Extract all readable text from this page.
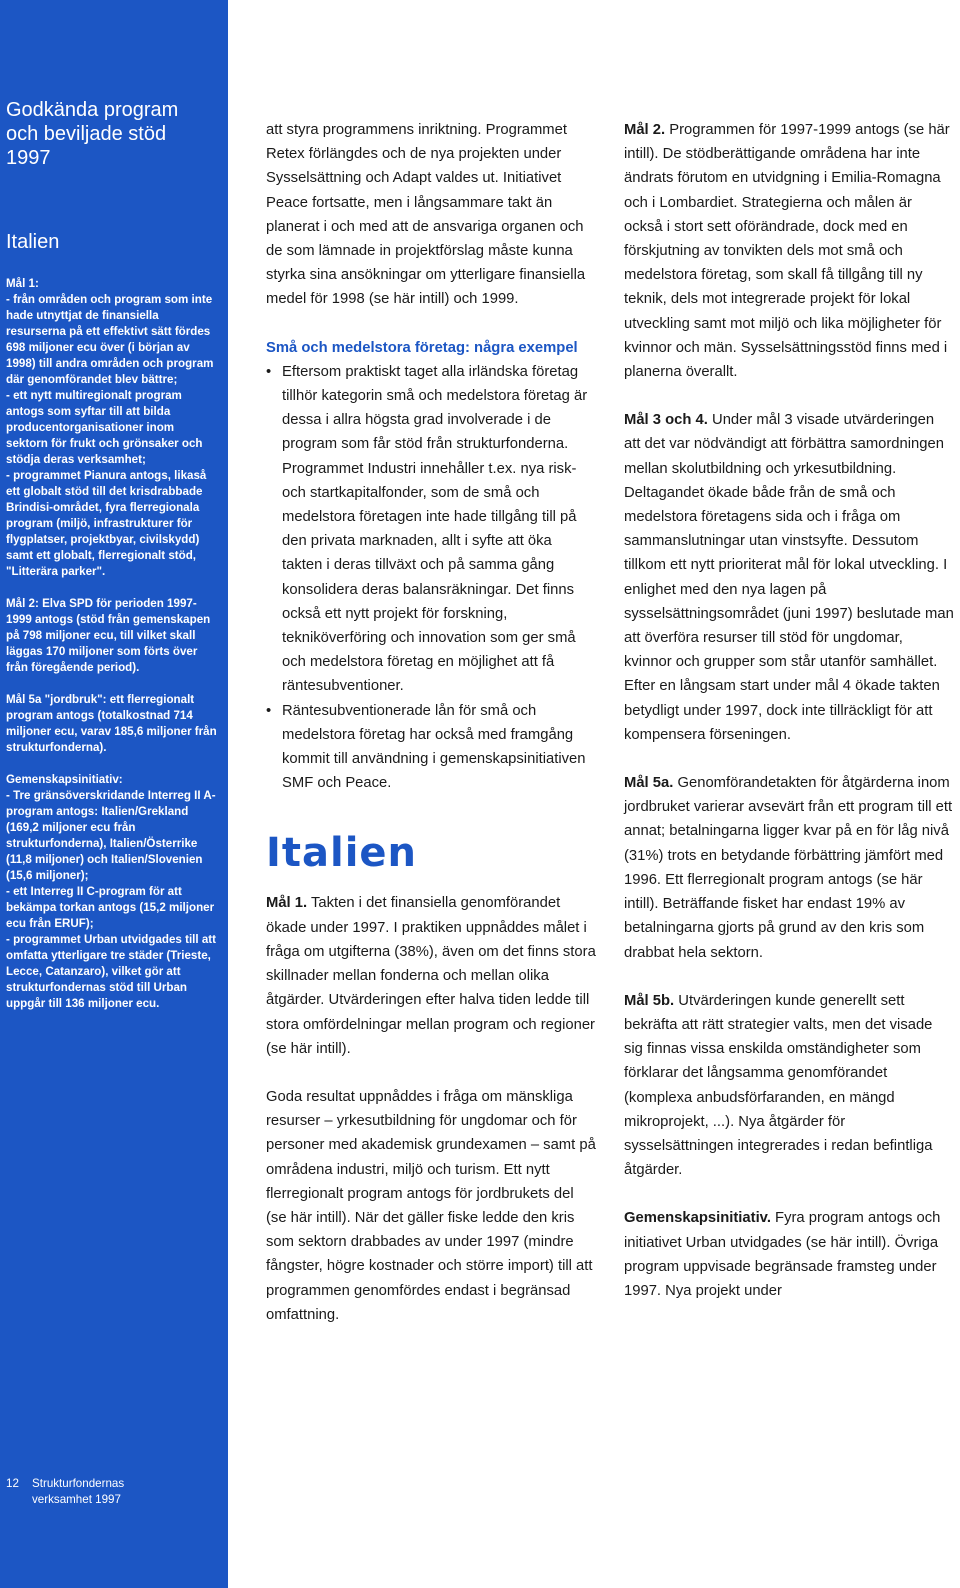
Godkända program och beviljade stöd 1997
Italien

Mål 1:
- från områden och program som inte hade utnyttjat de finansiella resurserna på ett effektivt sätt fördes 698 miljoner ecu över (i början av 1998) till andra områden och program där genomförandet blev bättre;
- ett nytt multiregionalt program antogs som syftar till att bilda producentorganisationer inom sektorn för frukt och grönsaker och stödja deras verksamhet;
- programmet Pianura antogs, likaså ett globalt stöd till det krisdrabbade Brindisi-området, fyra flerregionala program (miljö, infrastrukturer för flygplatser, projektbyar, civilskydd) samt ett globalt, flerregionalt stöd, "Litterära parker".

Mål 2: Elva SPD för perioden 1997-1999 antogs (stöd från gemenskapen på 798 miljoner ecu, till vilket skall läggas 170 miljoner som förts över från föregående period).

Mål 5a "jordbruk": ett flerregionalt program antogs (totalkostnad 714 miljoner ecu, varav 185,6 miljoner från strukturfonderna).

Gemenskapsinitiativ:
- Tre gränsöverskridande Interreg II A-program antogs: Italien/Grekland (169,2 miljoner ecu från strukturfonderna), Italien/Österrike (11,8 miljoner) och Italien/Slovenien (15,6 miljoner);
- ett Interreg II C-program för att bekämpa torkan antogs (15,2 miljoner ecu från ERUF);
- programmet Urban utvidgades till att omfatta ytterligare tre städer (Trieste, Lecce, Catanzaro), vilket gör att strukturfondernas stöd till Urban uppgår till 136 miljoner ecu.

12 Strukturfondernas verksamhet 1997

att styra programmens inriktning. Programmet Retex förlängdes och de nya projekten under Sysselsättning och Adapt valdes ut. Initiativet Peace fortsatte, men i långsammare takt än planerat i och med att de ansvariga organen och de som lämnade in projektförslag måste kunna styrka sina ansökningar om ytterligare finansiella medel för 1998 (se här intill) och 1999.

Små och medelstora företag: några exempel

• Eftersom praktiskt taget alla irländska företag tillhör kategorin små och medelstora företag är dessa i allra högsta grad involverade i de program som får stöd från strukturfonderna. Programmet Industri innehåller t.ex. nya risk- och startkapitalfonder, som de små och medelstora företagen inte hade tillgång till på den privata marknaden, allt i syfte att öka takten i deras tillväxt och på samma gång konsolidera deras balansräkningar. Det finns också ett nytt projekt för forskning, tekniköverföring och innovation som ger små och medelstora företag en möjlighet att få räntesubventioner.
• Räntesubventionerade lån för små och medelstora företag har också med framgång kommit till användning i gemenskapsinitiativen SMF och Peace.
Italien

Mål 1. Takten i det finansiella genomförandet ökade under 1997. I praktiken uppnåddes målet i fråga om utgifterna (38%), även om det finns stora skillnader mellan fonderna och mellan olika åtgärder. Utvärderingen efter halva tiden ledde till stora omfördelningar mellan program och regioner (se här intill).

Goda resultat uppnåddes i fråga om mänskliga resurser – yrkesutbildning för ungdomar och för personer med akademisk grundexamen – samt på områdena industri, miljö och turism. Ett nytt flerregionalt program antogs för jordbrukets del (se här intill). När det gäller fiske ledde den kris som sektorn drabbades av under 1997 (mindre fångster, högre kostnader och större import) till att programmen genomfördes endast i begränsad omfattning.

Mål 2. Programmen för 1997-1999 antogs (se här intill). De stödberättigande områdena har inte ändrats förutom en utvidgning i Emilia-Romagna och i Lombardiet. Strategierna och målen är också i stort sett oförändrade, dock med en förskjutning av tonvikten dels mot små och medelstora företag, som skall få tillgång till ny teknik, dels mot integrerade projekt för lokal utveckling samt mot miljö och lika möjligheter för kvinnor och män. Sysselsättningsstöd finns med i planerna överallt.

Mål 3 och 4. Under mål 3 visade utvärderingen att det var nödvändigt att förbättra samordningen mellan skolutbildning och yrkesutbildning. Deltagandet ökade både från de små och medelstora företagens sida och i fråga om sammanslutningar utan vinstsyfte. Dessutom tillkom ett nytt prioriterat mål för lokal utveckling. I enlighet med den nya lagen på sysselsättningsområdet (juni 1997) beslutade man att överföra resurser till stöd för ungdomar, kvinnor och grupper som står utanför samhället. Efter en långsam start under mål 4 ökade takten betydligt under 1997, dock inte tillräckligt för att kompensera förseningen.

Mål 5a. Genomförandetakten för åtgärderna inom jordbruket varierar avsevärt från ett program till ett annat; betalningarna ligger kvar på en för låg nivå (31%) trots en betydande förbättring jämfört med 1996. Ett flerregionalt program antogs (se här intill). Beträffande fisket har endast 19% av betalningarna gjorts på grund av den kris som drabbat hela sektorn.

Mål 5b. Utvärderingen kunde generellt sett bekräfta att rätt strategier valts, men det visade sig finnas vissa enskilda omständigheter som förklarar det långsamma genomförandet (komplexa anbudsförfaranden, en mängd mikroprojekt, ...). Nya åtgärder för sysselsättningen integrerades i redan befintliga åtgärder.

Gemenskapsinitiativ. Fyra program antogs och initiativet Urban utvidgades (se här intill). Övriga program uppvisade begränsade framsteg under 1997. Nya projekt under
